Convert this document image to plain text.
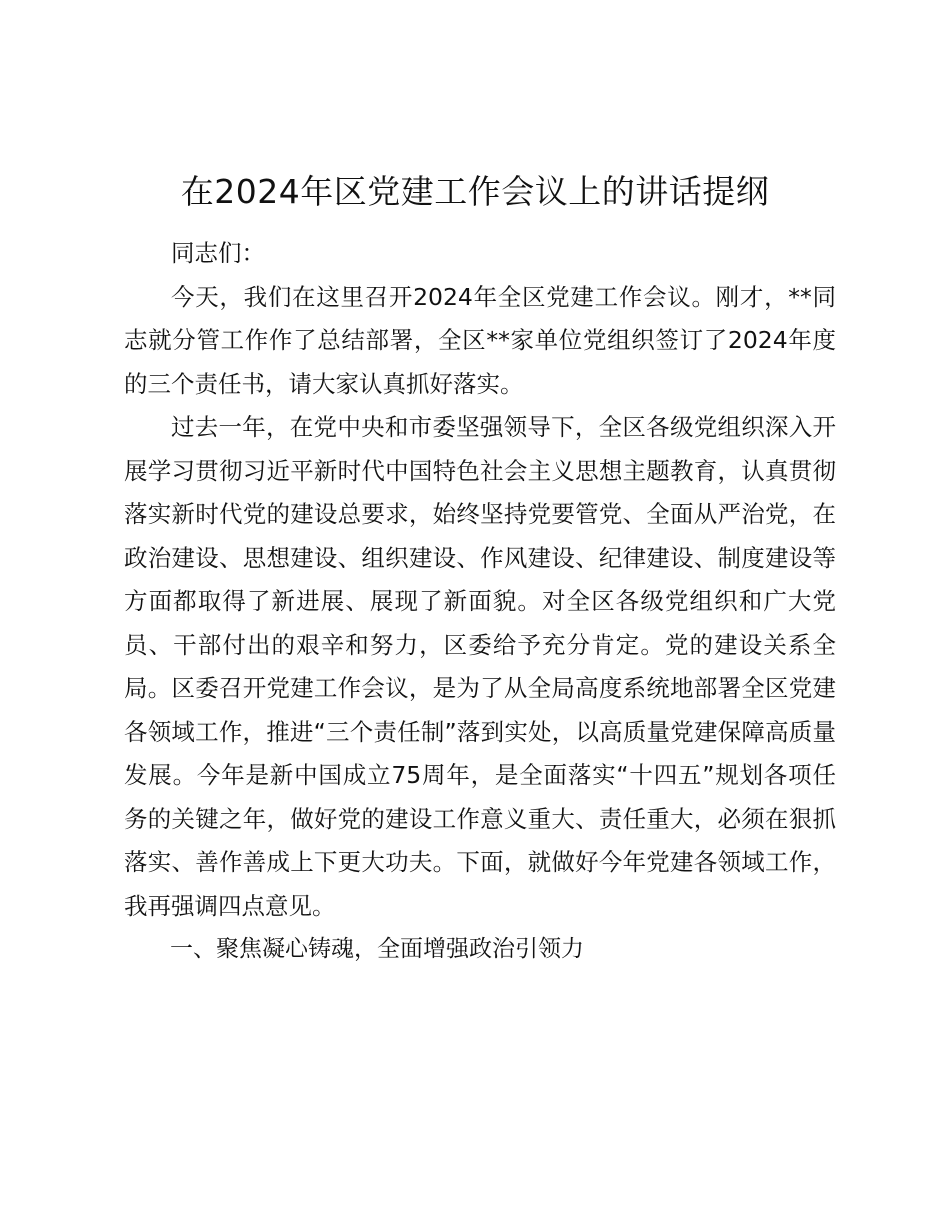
在2024年区党建工作会议上的讲话提纲

同志们：

今天，我们在这里召开2024年全区党建工作会议。刚才，**同志就分管工作作了总结部署，全区**家单位党组织签订了2024年度的三个责任书，请大家认真抓好落实。

过去一年，在党中央和市委坚强领导下，全区各级党组织深入开展学习贯彻习近平新时代中国特色社会主义思想主题教育，认真贯彻落实新时代党的建设总要求，始终坚持党要管党、全面从严治党，在政治建设、思想建设、组织建设、作风建设、纪律建设、制度建设等方面都取得了新进展、展现了新面貌。对全区各级党组织和广大党员、干部付出的艰辛和努力，区委给予充分肯定。党的建设关系全局。区委召开党建工作会议，是为了从全局高度系统地部署全区党建各领域工作，推进“三个责任制”落到实处，以高质量党建保障高质量发展。今年是新中国成立75周年，是全面落实“十四五”规划各项任务的关键之年，做好党的建设工作意义重大、责任重大，必须在狠抓落实、善作善成上下更大功夫。下面，就做好今年党建各领域工作，我再强调四点意见。

一、聚焦凝心铸魂，全面增强政治引领力
